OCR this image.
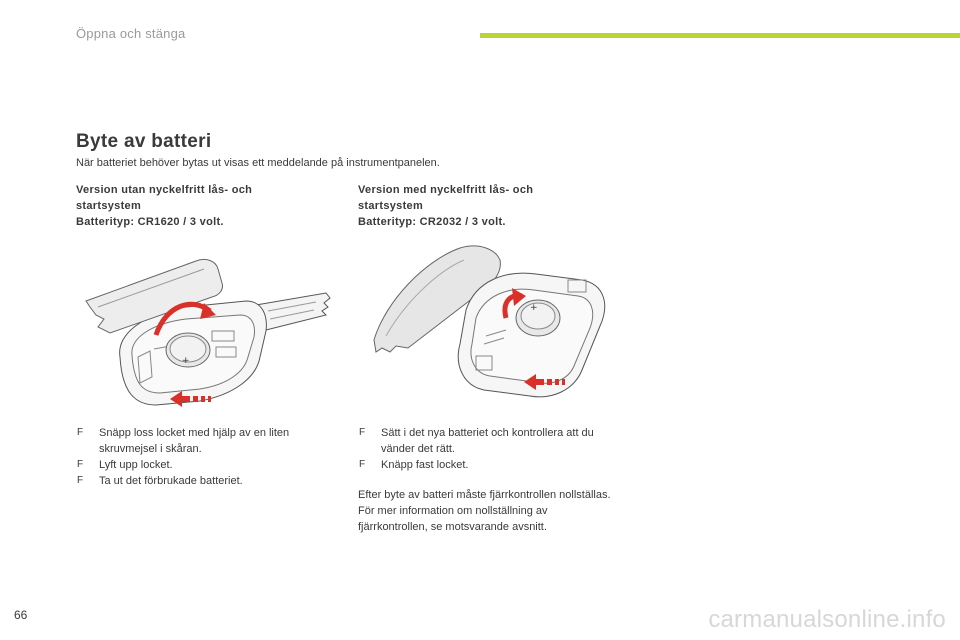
Öppna och stänga
Byte av batteri

När batteriet behöver bytas ut visas ett meddelande på instrumentpanelen.

Version utan nyckelfritt lås- och
startsystem
Batterityp: CR1620 / 3 volt.
Version med nyckelfritt lås- och
startsystem
Batterityp: CR2032 / 3 volt.
+
+
F Snäpp loss locket med hjälp av en liten skruvmejsel i skåran.
F Lyft upp locket.
F Ta ut det förbrukade batteriet.
F Sätt i det nya batteriet och kontrollera att du vänder det rätt.
F Knäpp fast locket.

Efter byte av batteri måste fjärrkontrollen nollställas.

För mer information om nollställning av fjärrkontrollen, se motsvarande avsnitt.

66	carmanualsonline.info
